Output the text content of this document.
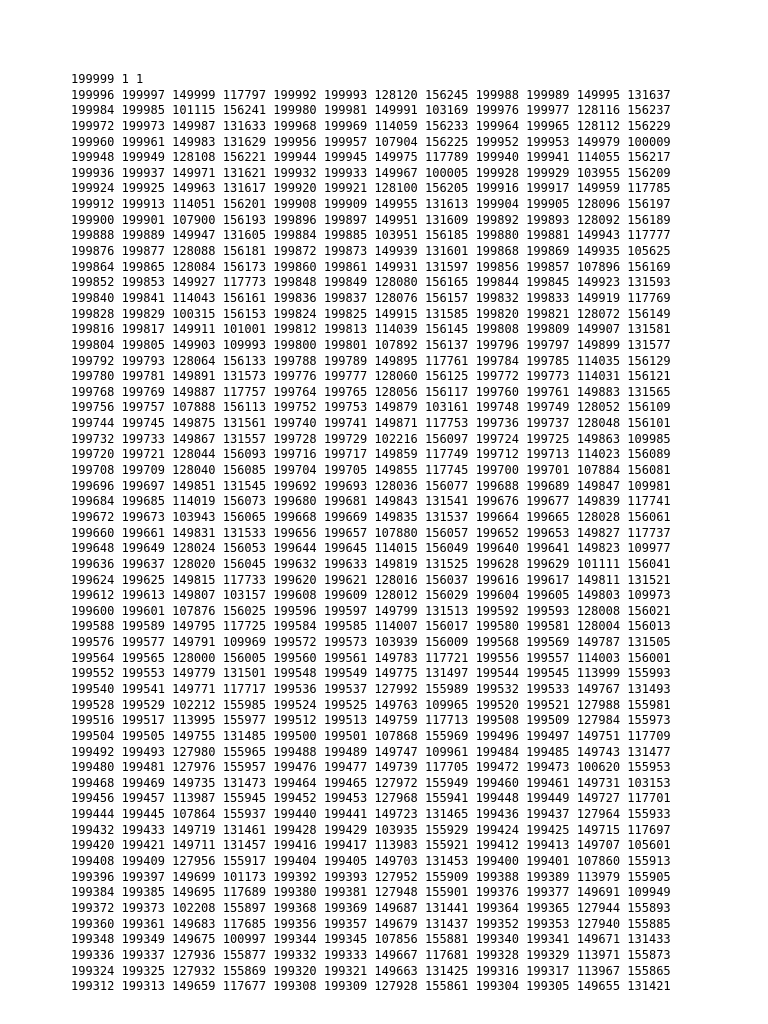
199999 1 1
199996 199997 149999 117797 199992 199993 128120 156245 199988 199989 149995 131637
199984 199985 101115 156241 199980 199981 149991 103169 199976 199977 128116 156237
199972 199973 149987 131633 199968 199969 114059 156233 199964 199965 128112 156229
199960 199961 149983 131629 199956 199957 107904 156225 199952 199953 149979 100009
199948 199949 128108 156221 199944 199945 149975 117789 199940 199941 114055 156217
199936 199937 149971 131621 199932 199933 149967 100005 199928 199929 103955 156209
199924 199925 149963 131617 199920 199921 128100 156205 199916 199917 149959 117785
199912 199913 114051 156201 199908 199909 149955 131613 199904 199905 128096 156197
199900 199901 107900 156193 199896 199897 149951 131609 199892 199893 128092 156189
199888 199889 149947 131605 199884 199885 103951 156185 199880 199881 149943 117777
199876 199877 128088 156181 199872 199873 149939 131601 199868 199869 149935 105625
199864 199865 128084 156173 199860 199861 149931 131597 199856 199857 107896 156169
199852 199853 149927 117773 199848 199849 128080 156165 199844 199845 149923 131593
199840 199841 114043 156161 199836 199837 128076 156157 199832 199833 149919 117769
199828 199829 100315 156153 199824 199825 149915 131585 199820 199821 128072 156149
199816 199817 149911 101001 199812 199813 114039 156145 199808 199809 149907 131581
199804 199805 149903 109993 199800 199801 107892 156137 199796 199797 149899 131577
199792 199793 128064 156133 199788 199789 149895 117761 199784 199785 114035 156129
199780 199781 149891 131573 199776 199777 128060 156125 199772 199773 114031 156121
199768 199769 149887 117757 199764 199765 128056 156117 199760 199761 149883 131565
199756 199757 107888 156113 199752 199753 149879 103161 199748 199749 128052 156109
199744 199745 149875 131561 199740 199741 149871 117753 199736 199737 128048 156101
199732 199733 149867 131557 199728 199729 102216 156097 199724 199725 149863 109985
199720 199721 128044 156093 199716 199717 149859 117749 199712 199713 114023 156089
199708 199709 128040 156085 199704 199705 149855 117745 199700 199701 107884 156081
199696 199697 149851 131545 199692 199693 128036 156077 199688 199689 149847 109981
199684 199685 114019 156073 199680 199681 149843 131541 199676 199677 149839 117741
199672 199673 103943 156065 199668 199669 149835 131537 199664 199665 128028 156061
199660 199661 149831 131533 199656 199657 107880 156057 199652 199653 149827 117737
199648 199649 128024 156053 199644 199645 114015 156049 199640 199641 149823 109977
199636 199637 128020 156045 199632 199633 149819 131525 199628 199629 101111 156041
199624 199625 149815 117733 199620 199621 128016 156037 199616 199617 149811 131521
199612 199613 149807 103157 199608 199609 128012 156029 199604 199605 149803 109973
199600 199601 107876 156025 199596 199597 149799 131513 199592 199593 128008 156021
199588 199589 149795 117725 199584 199585 114007 156017 199580 199581 128004 156013
199576 199577 149791 109969 199572 199573 103939 156009 199568 199569 149787 131505
199564 199565 128000 156005 199560 199561 149783 117721 199556 199557 114003 156001
199552 199553 149779 131501 199548 199549 149775 131497 199544 199545 113999 155993
199540 199541 149771 117717 199536 199537 127992 155989 199532 199533 149767 131493
199528 199529 102212 155985 199524 199525 149763 109965 199520 199521 127988 155981
199516 199517 113995 155977 199512 199513 149759 117713 199508 199509 127984 155973
199504 199505 149755 131485 199500 199501 107868 155969 199496 199497 149751 117709
199492 199493 127980 155965 199488 199489 149747 109961 199484 199485 149743 131477
199480 199481 127976 155957 199476 199477 149739 117705 199472 199473 100620 155953
199468 199469 149735 131473 199464 199465 127972 155949 199460 199461 149731 103153
199456 199457 113987 155945 199452 199453 127968 155941 199448 199449 149727 117701
199444 199445 107864 155937 199440 199441 149723 131465 199436 199437 127964 155933
199432 199433 149719 131461 199428 199429 103935 155929 199424 199425 149715 117697
199420 199421 149711 131457 199416 199417 113983 155921 199412 199413 149707 105601
199408 199409 127956 155917 199404 199405 149703 131453 199400 199401 107860 155913
199396 199397 149699 101173 199392 199393 127952 155909 199388 199389 113979 155905
199384 199385 149695 117689 199380 199381 127948 155901 199376 199377 149691 109949
199372 199373 102208 155897 199368 199369 149687 131441 199364 199365 127944 155893
199360 199361 149683 117685 199356 199357 149679 131437 199352 199353 127940 155885
199348 199349 149675 100997 199344 199345 107856 155881 199340 199341 149671 131433
199336 199337 127936 155877 199332 199333 149667 117681 199328 199329 113971 155873
199324 199325 127932 155869 199320 199321 149663 131425 199316 199317 113967 155865
199312 199313 149659 117677 199308 199309 127928 155861 199304 199305 149655 131421
